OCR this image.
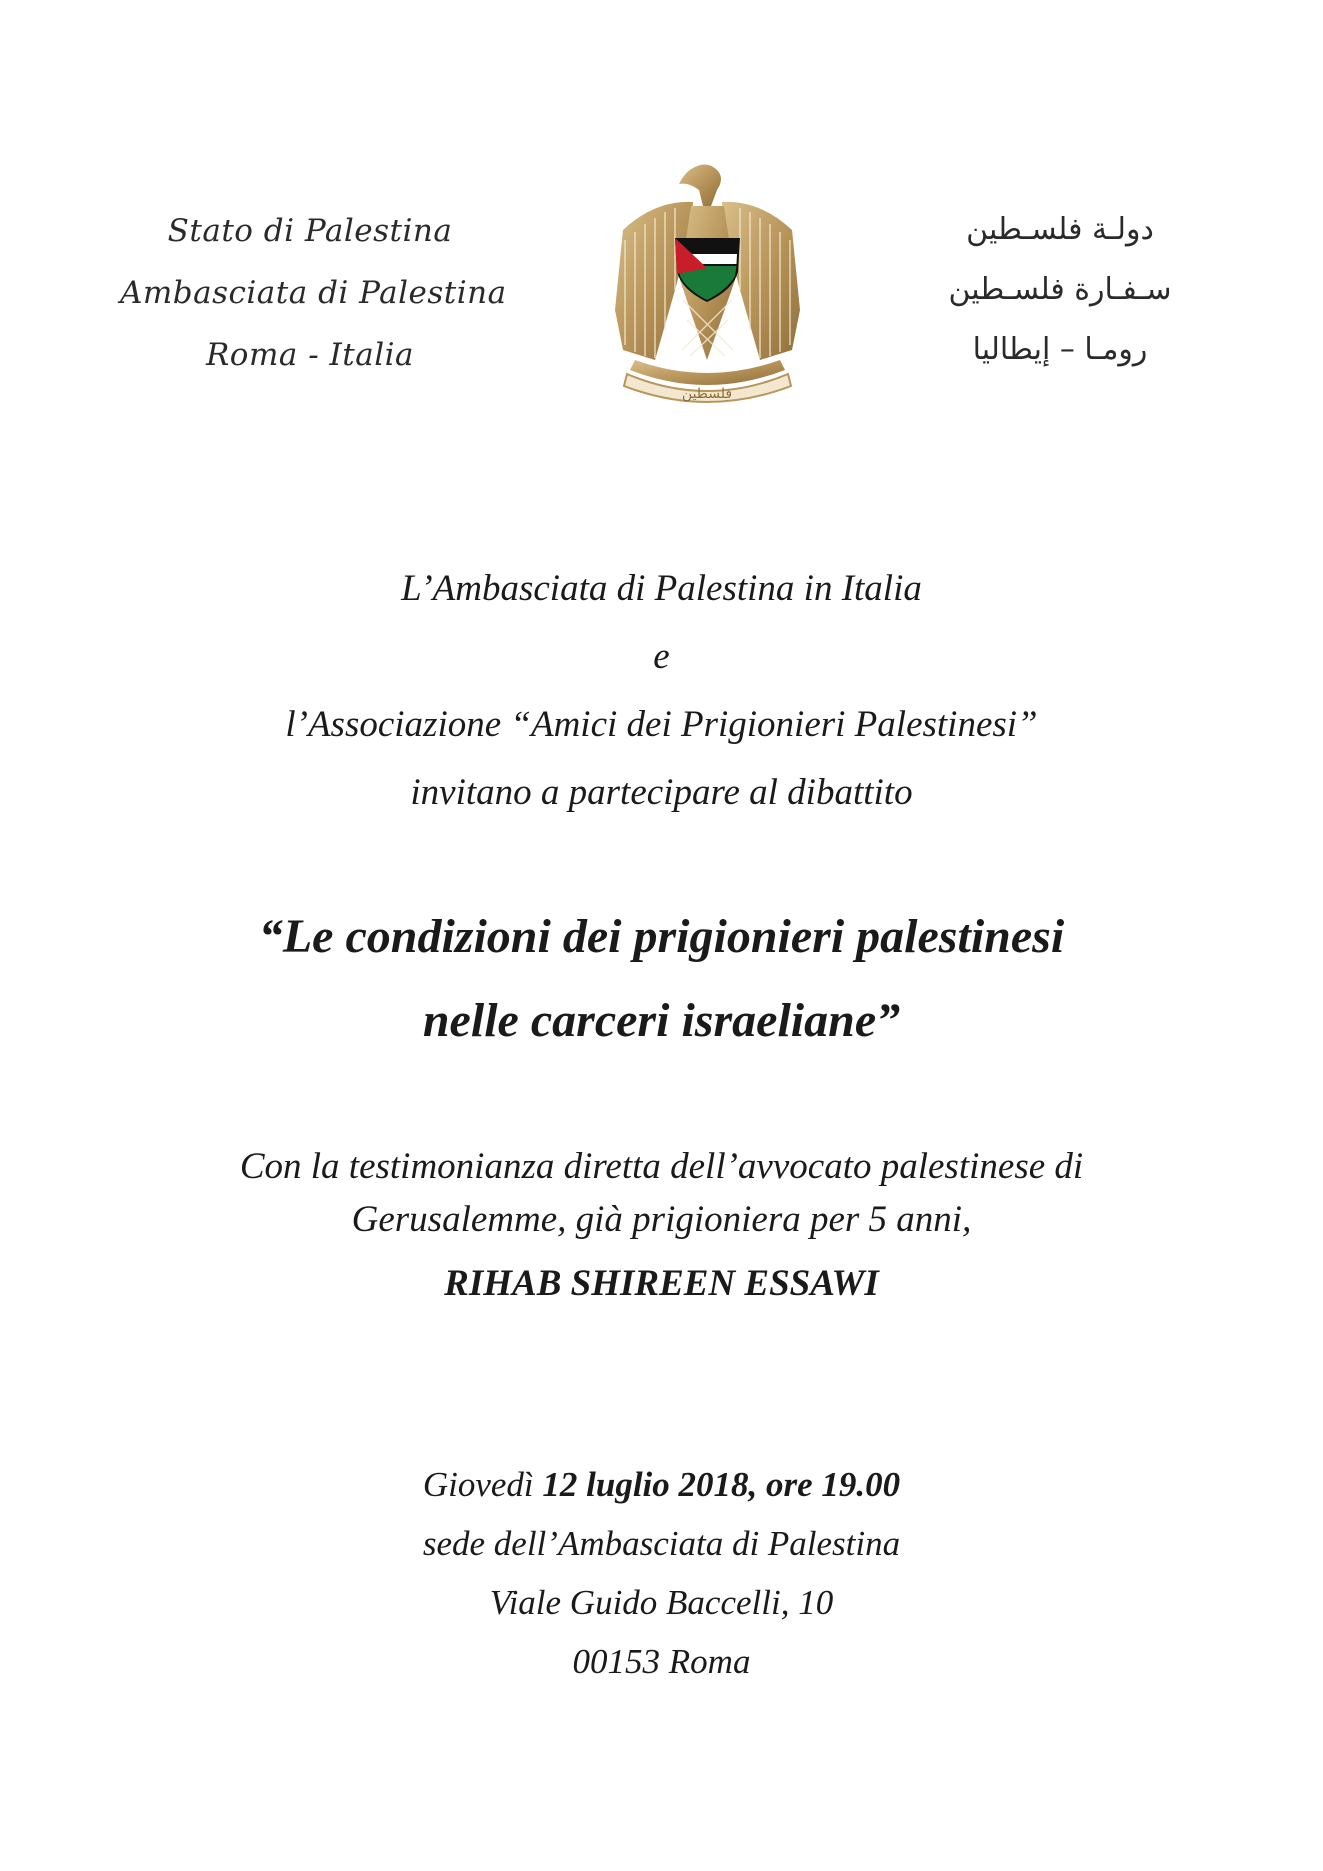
Stato di Palestina
Ambasciata di Palestina
Roma - Italia
فلسطين
دولـة فلسـطين
سـفـارة فلسـطين
رومـا – إيطاليا
L’Ambasciata di Palestina in Italia
e
l’Associazione “Amici dei Prigionieri Palestinesi”
invitano a partecipare al dibattito
“Le condizioni dei prigionieri palestinesi
nelle carceri israeliane”
Con la testimonianza diretta dell’avvocato palestinese di
Gerusalemme, già prigioniera per 5 anni,
RIHAB SHIREEN ESSAWI
Giovedì 12 luglio 2018, ore 19.00
sede dell’Ambasciata di Palestina
Viale Guido Baccelli, 10
00153 Roma
